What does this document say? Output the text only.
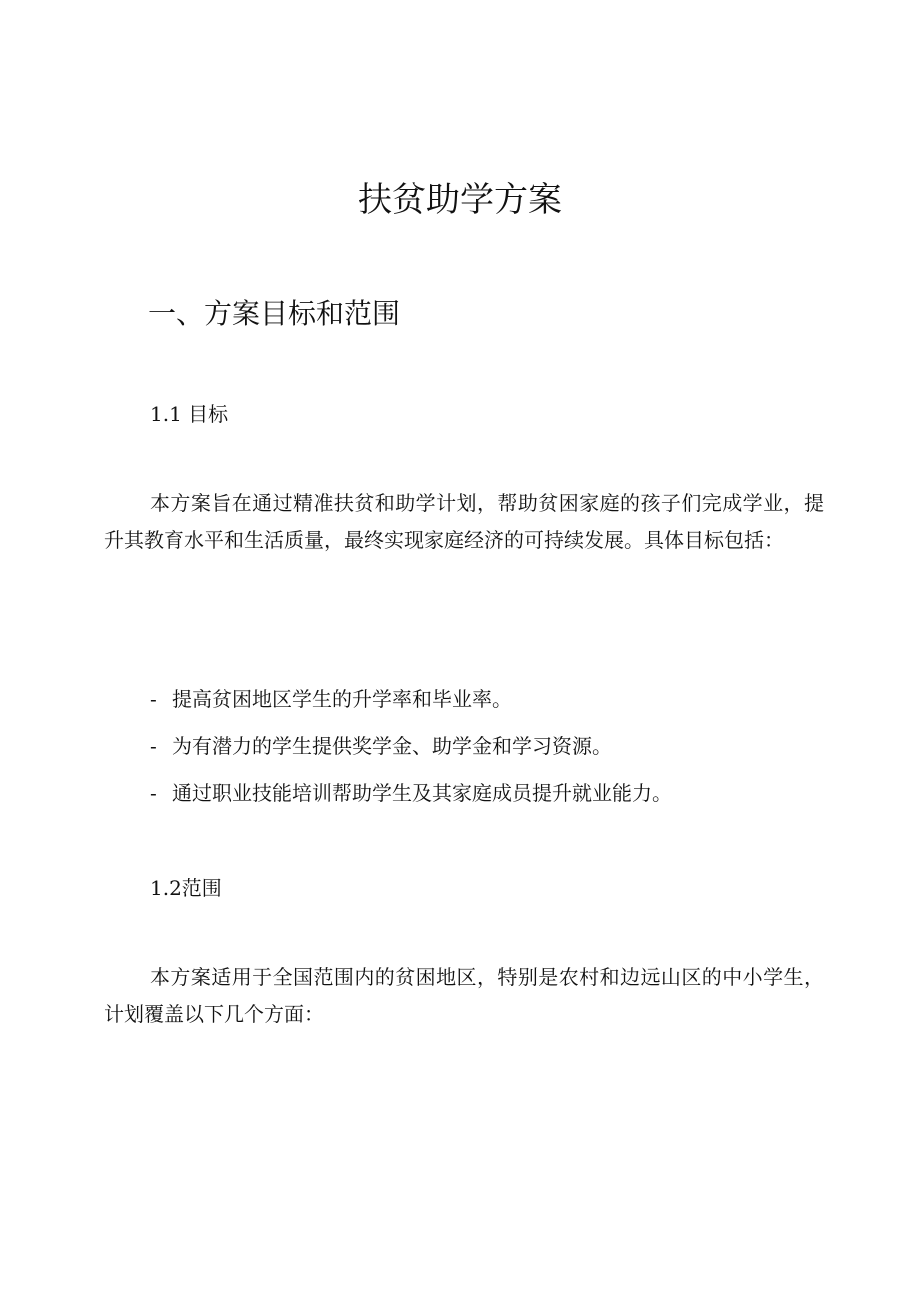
扶贫助学方案
一、方案目标和范围
1.1 目标
本方案旨在通过精准扶贫和助学计划，帮助贫困家庭的孩子们完成学业，提升其教育水平和生活质量，最终实现家庭经济的可持续发展。具体目标包括：
- 提高贫困地区学生的升学率和毕业率。
- 为有潜力的学生提供奖学金、助学金和学习资源。
- 通过职业技能培训帮助学生及其家庭成员提升就业能力。
1.2范围
本方案适用于全国范围内的贫困地区，特别是农村和边远山区的中小学生，计划覆盖以下几个方面：
